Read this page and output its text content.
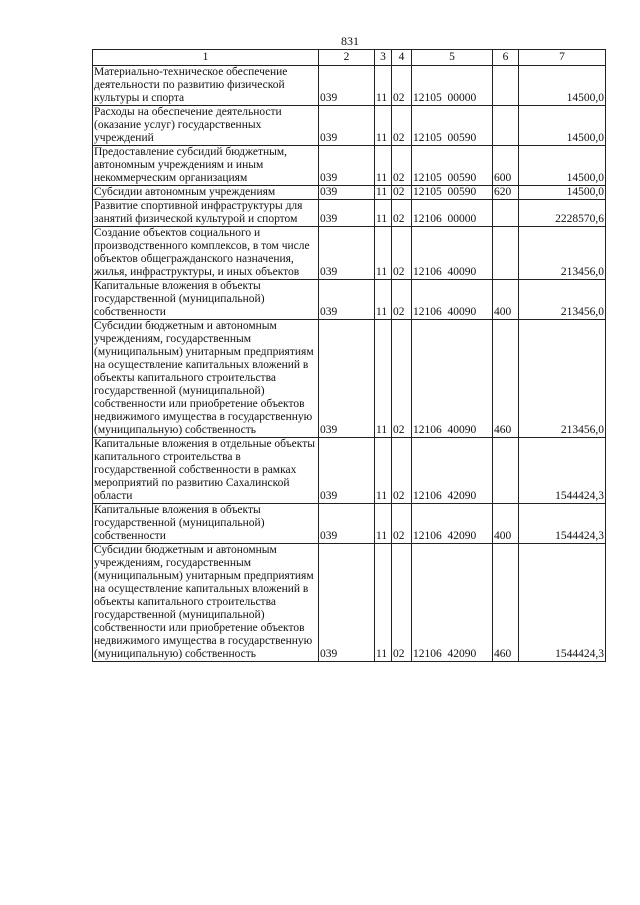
831
1	2	3	4	5	6	7
Материально-техническое обеспечение деятельности по развитию физической культуры и спорта	039	11	02	12105  00000		14500,0
Расходы на обеспечение деятельности (оказание услуг) государственных учреждений	039	11	02	12105  00590		14500,0
Предоставление субсидий бюджетным, автономным учреждениям и иным некоммерческим организациям	039	11	02	12105  00590	600	14500,0
Субсидии автономным учреждениям	039	11	02	12105  00590	620	14500,0
Развитие спортивной инфраструктуры для занятий физической культурой и спортом	039	11	02	12106  00000		2228570,6
Создание объектов социального и производственного комплексов, в том числе объектов общегражданского назначения, жилья, инфраструктуры, и иных объектов	039	11	02	12106  40090		213456,0
Капитальные вложения в объекты государственной (муниципальной) собственности	039	11	02	12106  40090	400	213456,0
Субсидии бюджетным и автономным учреждениям, государственным (муниципальным) унитарным предприятиям на осуществление капитальных вложений в объекты капитального строительства государственной (муниципальной) собственности или приобретение объектов недвижимого имущества в государственную (муниципальную) собственность	039	11	02	12106  40090	460	213456,0
Капитальные вложения в отдельные объекты капитального строительства в государственной собственности в рамках мероприятий по развитию Сахалинской области	039	11	02	12106  42090		1544424,3
Капитальные вложения в объекты государственной (муниципальной) собственности	039	11	02	12106  42090	400	1544424,3
Субсидии бюджетным и автономным учреждениям, государственным (муниципальным) унитарным предприятиям на осуществление капитальных вложений в объекты капитального строительства государственной (муниципальной) собственности или приобретение объектов недвижимого имущества в государственную (муниципальную) собственность	039	11	02	12106  42090	460	1544424,3
